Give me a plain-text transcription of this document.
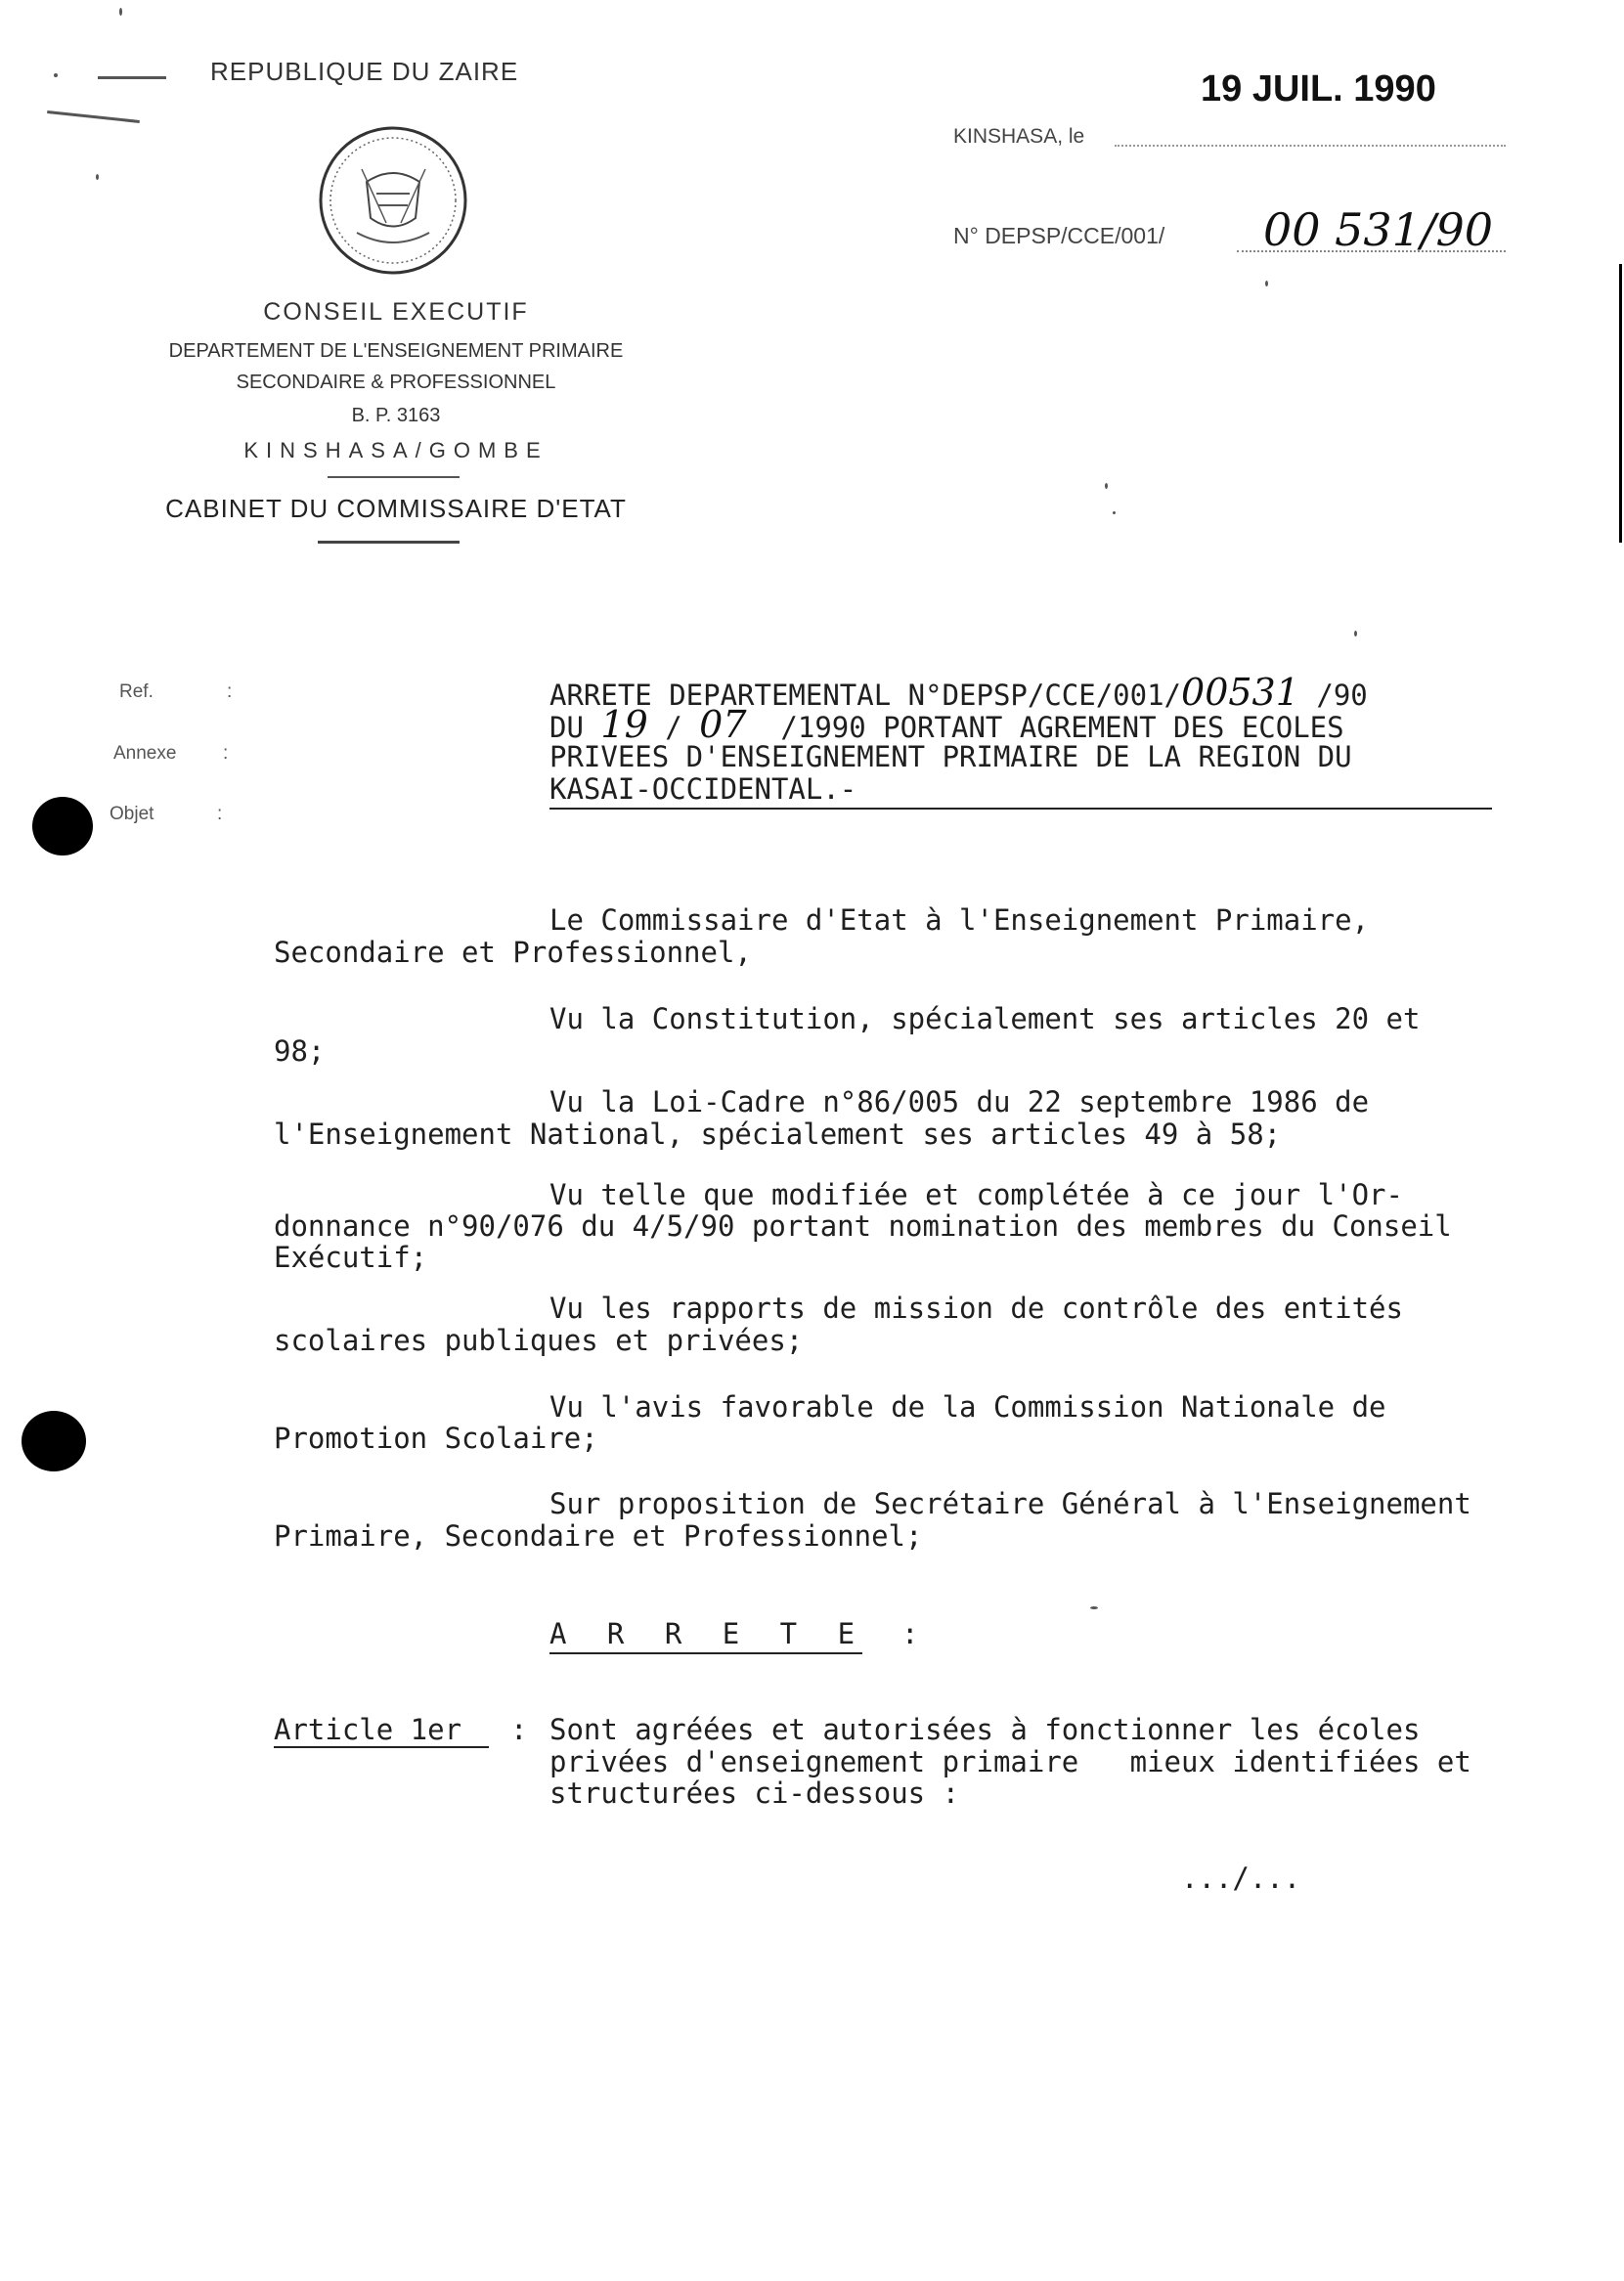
REPUBLIQUE DU ZAIRE
CONSEIL EXECUTIF
DEPARTEMENT DE L'ENSEIGNEMENT PRIMAIRE
SECONDAIRE & PROFESSIONNEL
B. P. 3163
KINSHASA/GOMBE
CABINET DU COMMISSAIRE D'ETAT
19 JUIL. 1990
KINSHASA, le
N° DEPSP/CCE/001/ 00 531/90
Ref.	:
Annexe	:
Objet	:
ARRETE DEPARTEMENTAL N°DEPSP/CCE/001/00531 /90
DU 19 / 07 /1990 PORTANT AGREMENT DES ECOLES
PRIVEES D'ENSEIGNEMENT PRIMAIRE DE LA REGION DU
KASAI-OCCIDENTAL.-
Le Commissaire d'Etat à l'Enseignement Primaire,
Secondaire et Professionnel,
Vu la Constitution, spécialement ses articles 20 et
98;
Vu la Loi-Cadre n°86/005 du 22 septembre 1986 de
l'Enseignement National, spécialement ses articles 49 à 58;
Vu telle que modifiée et complétée à ce jour l'Or-
donnance n°90/076 du 4/5/90 portant nomination des membres du Conseil
Exécutif;
Vu les rapports de mission de contrôle des entités
scolaires publiques et privées;
Vu l'avis favorable de la Commission Nationale de
Promotion Scolaire;
Sur proposition de Secrétaire Général à l'Enseignement
Primaire, Secondaire et Professionnel;
A R R E T E :
Article 1er : Sont agréées et autorisées à fonctionner les écoles
privées d'enseignement primaire   mieux identifiées et
structurées ci-dessous :
.../...
